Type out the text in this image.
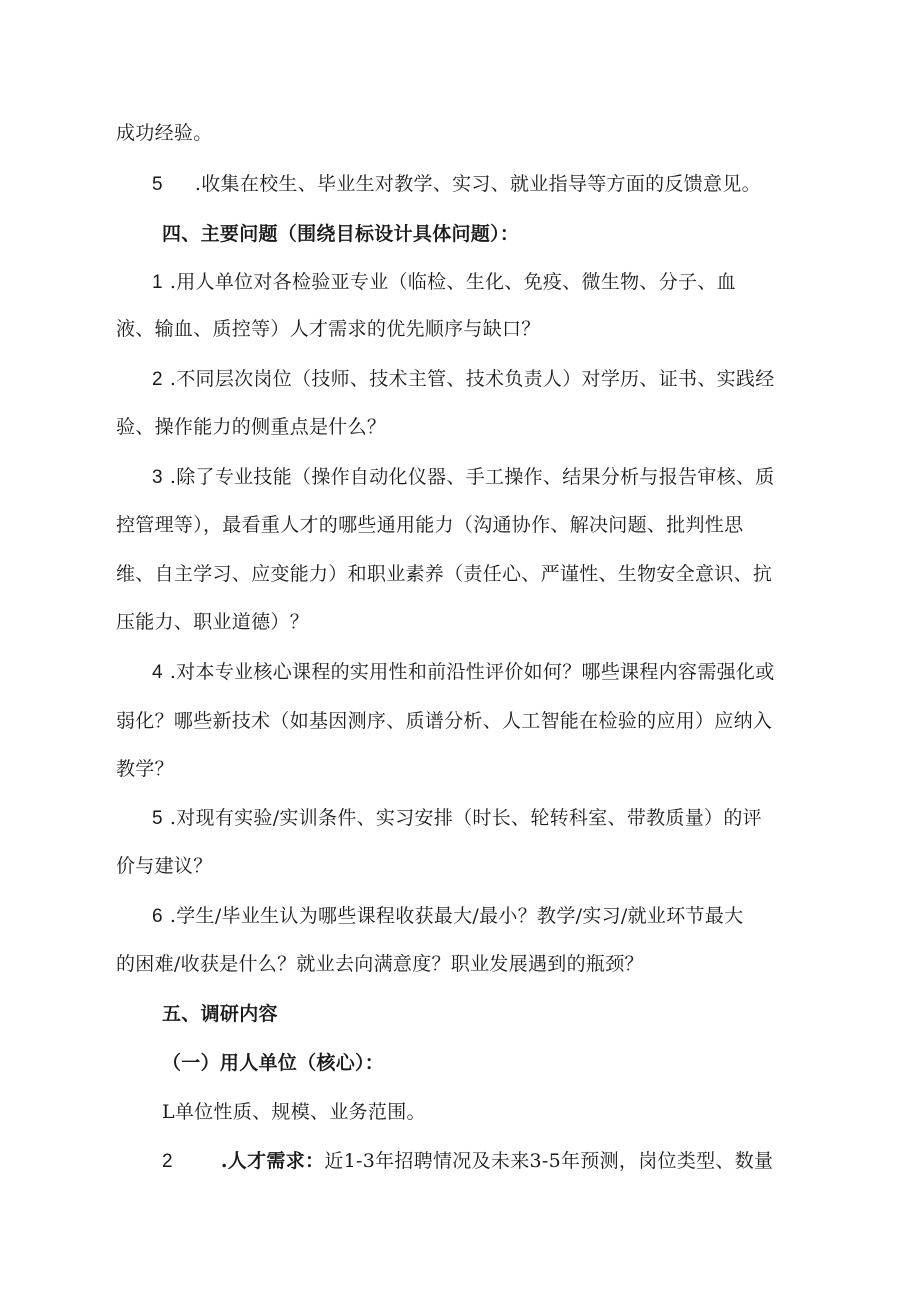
成功经验。
5 .收集在校生、毕业生对教学、实习、就业指导等方面的反馈意见。
四、主要问题（围绕目标设计具体问题）：
1 .用人单位对各检验亚专业（临检、生化、免疫、微生物、分子、血
液、输血、质控等）人才需求的优先顺序与缺口？
2 .不同层次岗位（技师、技术主管、技术负责人）对学历、证书、实践经
验、操作能力的侧重点是什么？
3 .除了专业技能（操作自动化仪器、手工操作、结果分析与报告审核、质
控管理等），最看重人才的哪些通用能力（沟通协作、解决问题、批判性思
维、自主学习、应变能力）和职业素养（责任心、严谨性、生物安全意识、抗
压能力、职业道德）？
4 .对本专业核心课程的实用性和前沿性评价如何？哪些课程内容需强化或
弱化？哪些新技术（如基因测序、质谱分析、人工智能在检验的应用）应纳入
教学？
5 .对现有实验/实训条件、实习安排（时长、轮转科室、带教质量）的评
价与建议？
6 .学生/毕业生认为哪些课程收获最大/最小？教学/实习/就业环节最大
的困难/收获是什么？就业去向满意度？职业发展遇到的瓶颈？
五、调研内容
（一）用人单位（核心）：
L单位性质、规模、业务范围。
2	.人才需求：近1-3年招聘情况及未来3-5年预测，岗位类型、数量
